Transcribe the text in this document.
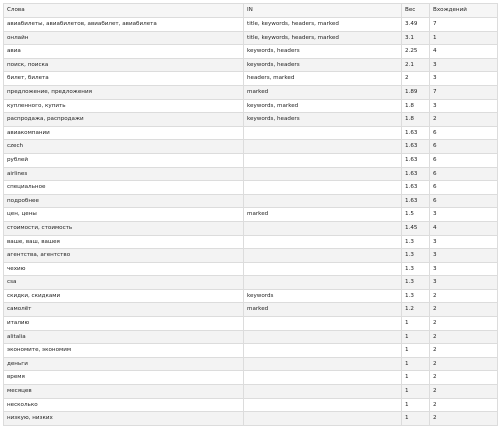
Слова	IN	Вес	Вхождений
авиабилеты, авиабилетов, авиабилет, авиабилета	title, keywords, headers, marked	3.49	7
онлайн	title, keywords, headers, marked	3.1	1
авиа	keywords, headers	2.25	4
поиск, поиска	keywords, headers	2.1	3
билет, билета	headers, marked	2	3
предложение, предложения	marked	1.89	7
купленного, купить	keywords, marked	1.8	3
распродажа, распродажи	keywords, headers	1.8	2
авиакомпании		1.63	6
czech		1.63	6
рублей		1.63	6
airlines		1.63	6
специальное		1.63	6
подробнее		1.63	6
цен, цены	marked	1.5	3
стоимости, стоимость		1.45	4
ваше, ваш, вашея		1.3	3
агентства, агентство		1.3	3
чехию		1.3	3
csa		1.3	3
скидки, скидками	keywords	1.3	2
самолёт	marked	1.2	2
италию		1	2
alitalia		1	2
экономите, экономим		1	2
деньги		1	2
время		1	2
месяцев		1	2
несколько		1	2
низкую, низких		1	2
